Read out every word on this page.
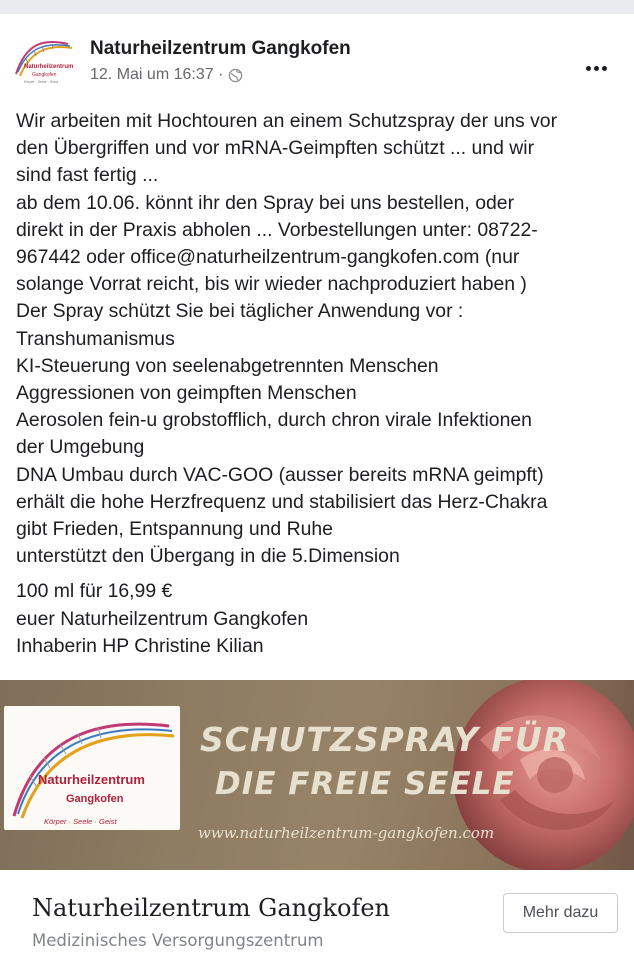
Naturheilzentrum
Gangkofen
Körper · Seele · Geist
Naturheilzentrum Gangkofen
12. Mai um 16:37 ·
Wir arbeiten mit Hochtouren an einem Schutzspray der uns vor
den Übergriffen und vor mRNA-Geimpften schützt ... und wir
sind fast fertig ...
ab dem 10.06. könnt ihr den Spray bei uns bestellen, oder
direkt in der Praxis abholen ... Vorbestellungen unter: 08722-
967442 oder office@naturheilzentrum-gangkofen.com (nur
solange Vorrat reicht, bis wir wieder nachproduziert haben )
Der Spray schützt Sie bei täglicher Anwendung vor :
Transhumanismus
KI-Steuerung von seelenabgetrennten Menschen
Aggressionen von geimpften Menschen
Aerosolen fein-u grobstofflich, durch chron virale Infektionen
der Umgebung
DNA Umbau durch VAC-GOO (ausser bereits mRNA geimpft)
erhält die hohe Herzfrequenz und stabilisiert das Herz-Chakra
gibt Frieden, Entspannung und Ruhe
unterstützt den Übergang in die 5.Dimension
100 ml für 16,99 €
euer Naturheilzentrum Gangkofen
Inhaberin HP Christine Kilian
Naturheilzentrum
Gangkofen
Körper · Seele · Geist
SCHUTZSPRAY FÜR
DIE FREIE SEELE
www.naturheilzentrum-gangkofen.com
Naturheilzentrum Gangkofen
Medizinisches Versorgungszentrum
Mehr dazu
